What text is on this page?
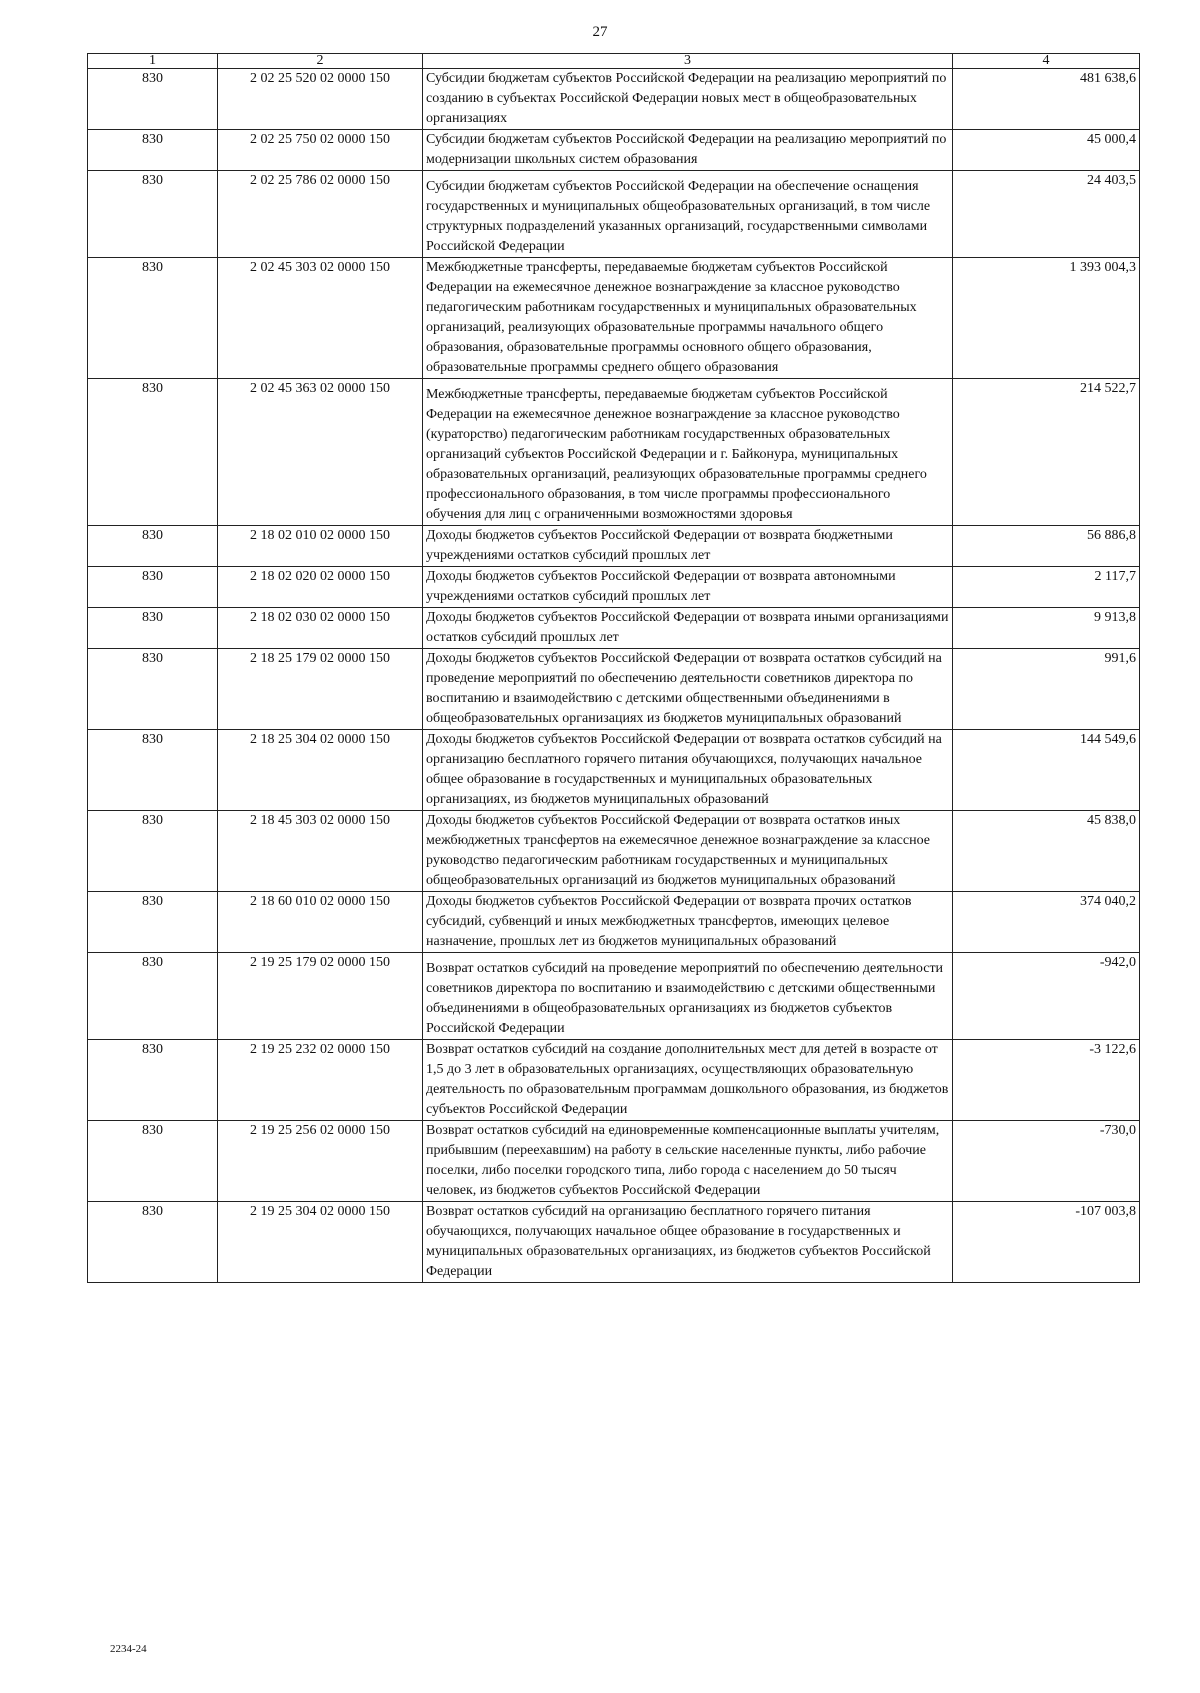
27
1	2	3	4
830	2 02 25 520 02 0000 150	Субсидии бюджетам субъектов Российской Федерации на реализацию мероприятий по созданию в субъектах Российской Федерации новых мест в общеобразовательных организациях	481 638,6
830	2 02 25 750 02 0000 150	Субсидии бюджетам субъектов Российской Федерации на реализацию мероприятий по модернизации школьных систем образования	45 000,4
830	2 02 25 786 02 0000 150	Субсидии бюджетам субъектов Российской Федерации на обеспечение оснащения государственных и муниципальных общеобразовательных организаций, в том числе структурных подразделений указанных организаций, государственными символами Российской Федерации	24 403,5
830	2 02 45 303 02 0000 150	Межбюджетные трансферты, передаваемые бюджетам субъектов Российской Федерации на ежемесячное денежное вознаграждение за классное руководство педагогическим работникам государственных и муниципальных образовательных организаций, реализующих образовательные программы начального общего образования, образовательные программы основного общего образования, образовательные программы среднего общего образования	1 393 004,3
830	2 02 45 363 02 0000 150	Межбюджетные трансферты, передаваемые бюджетам субъектов Российской Федерации на ежемесячное денежное вознаграждение за классное руководство (кураторство) педагогическим работникам государственных образовательных организаций субъектов Российской Федерации и г. Байконура, муниципальных образовательных организаций, реализующих образовательные программы среднего профессионального образования, в том числе программы профессионального обучения для лиц с ограниченными возможностями здоровья	214 522,7
830	2 18 02 010 02 0000 150	Доходы бюджетов субъектов Российской Федерации от возврата бюджетными учреждениями остатков субсидий прошлых лет	56 886,8
830	2 18 02 020 02 0000 150	Доходы бюджетов субъектов Российской Федерации от возврата автономными учреждениями остатков субсидий прошлых лет	2 117,7
830	2 18 02 030 02 0000 150	Доходы бюджетов субъектов Российской Федерации от возврата иными организациями остатков субсидий прошлых лет	9 913,8
830	2 18 25 179 02 0000 150	Доходы бюджетов субъектов Российской Федерации от возврата остатков субсидий на проведение мероприятий по обеспечению деятельности советников директора по воспитанию и взаимодействию с детскими общественными объединениями в общеобразовательных организациях из бюджетов муниципальных образований	991,6
830	2 18 25 304 02 0000 150	Доходы бюджетов субъектов Российской Федерации от возврата остатков субсидий на организацию бесплатного горячего питания обучающихся, получающих начальное общее образование в государственных и муниципальных образовательных организациях, из бюджетов муниципальных образований	144 549,6
830	2 18 45 303 02 0000 150	Доходы бюджетов субъектов Российской Федерации от возврата остатков иных межбюджетных трансфертов на ежемесячное денежное вознаграждение за классное руководство педагогическим работникам государственных и муниципальных общеобразовательных организаций из бюджетов муниципальных образований	45 838,0
830	2 18 60 010 02 0000 150	Доходы бюджетов субъектов Российской Федерации от возврата прочих остатков субсидий, субвенций и иных межбюджетных трансфертов, имеющих целевое назначение, прошлых лет из бюджетов муниципальных образований	374 040,2
830	2 19 25 179 02 0000 150	Возврат остатков субсидий на проведение мероприятий по обеспечению деятельности советников директора по воспитанию и взаимодействию с детскими общественными объединениями в общеобразовательных организациях из бюджетов субъектов Российской Федерации	-942,0
830	2 19 25 232 02 0000 150	Возврат остатков субсидий на создание дополнительных мест для детей в возрасте от 1,5 до 3 лет в образовательных организациях, осуществляющих образовательную деятельность по образовательным программам дошкольного образования, из бюджетов субъектов Российской Федерации	-3 122,6
830	2 19 25 256 02 0000 150	Возврат остатков субсидий на единовременные компенсационные выплаты учителям, прибывшим (переехавшим) на работу в сельские населенные пункты, либо рабочие поселки, либо поселки городского типа, либо города с населением до 50 тысяч человек, из бюджетов субъектов Российской Федерации	-730,0
830	2 19 25 304 02 0000 150	Возврат остатков субсидий на организацию бесплатного горячего питания обучающихся, получающих начальное общее образование в государственных и муниципальных образовательных организациях, из бюджетов субъектов Российской Федерации	-107 003,8
2234-24
